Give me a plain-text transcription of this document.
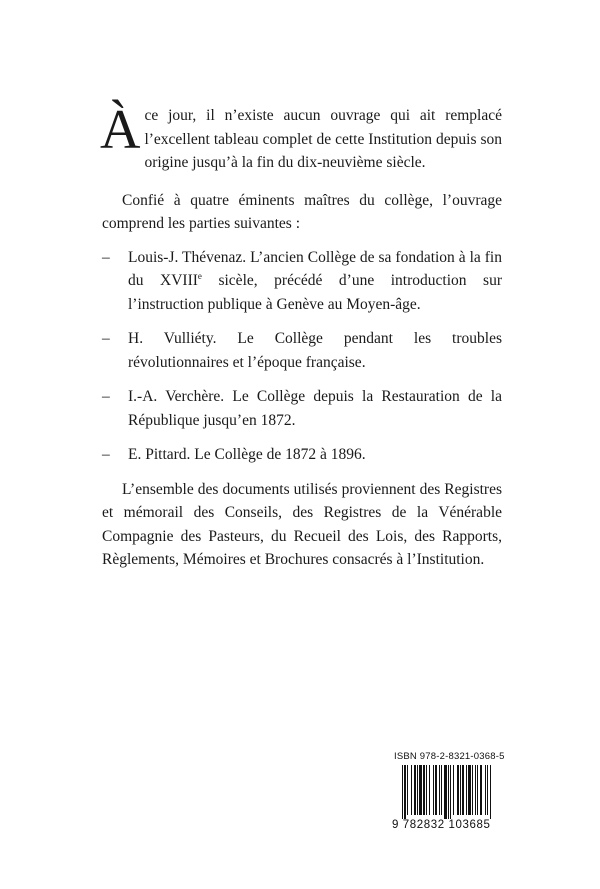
Àce jour, il n’existe aucun ouvrage qui ait remplacé l’excellent tableau complet de cette Institution depuis son origine jusqu’à la fin du dix-neuvième siècle.

Confié à quatre éminents maîtres du collège, l’ouvrage comprend les parties suivantes :

– Louis-J. Thévenaz. L’ancien Collège de sa fondation à la fin du XVIIIe sicèle, précédé d’une introduction sur l’instruction publique à Genève au Moyen-âge.
– H. Vulliéty. Le Collège pendant les troubles révolutionnaires et l’époque française.
– I.-A. Verchère. Le Collège depuis la Restauration de la République jusqu’en 1872.
– E. Pittard. Le Collège de 1872 à 1896.

L’ensemble des documents utilisés proviennent des Registres et mémorail des Conseils, des Registres de la Vénérable Compagnie des Pasteurs, du Recueil des Lois, des Rapports, Règlements, Mémoires et Brochures consacrés à l’Institution.

ISBN 978-2-8321-0368-5
9 782832 103685
